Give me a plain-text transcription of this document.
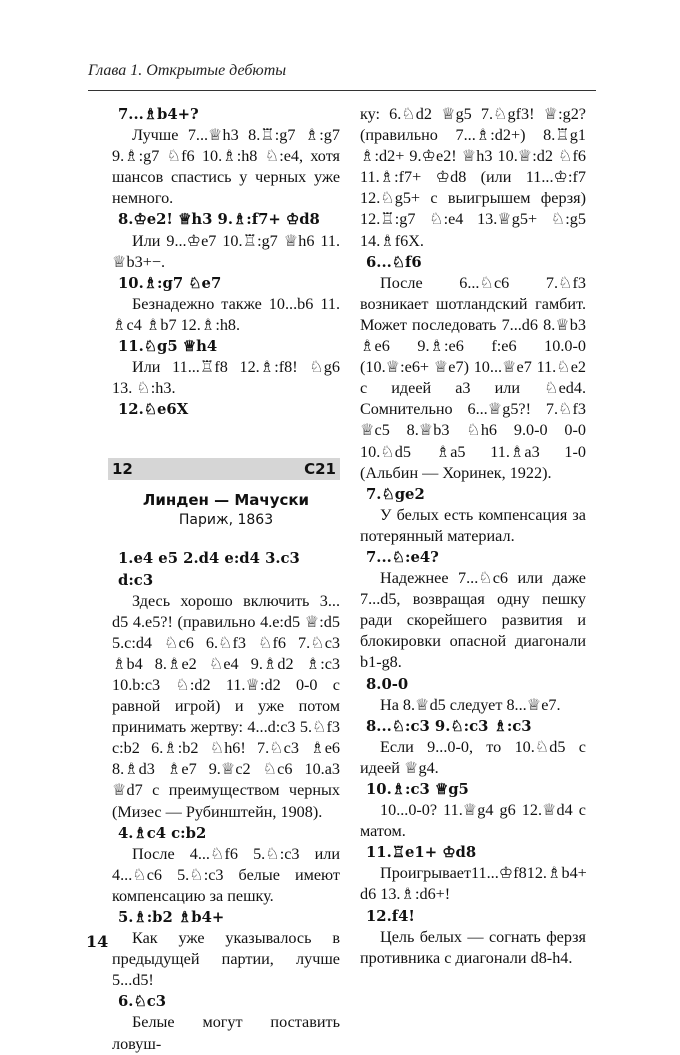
Глава 1. Открытые дебюты
7...♗b4+?
Лучше 7...♕h3 8.♖:g7 ♗:g7 9.♗:g7 ♘f6 10.♗:h8 ♘:e4, хотя шансов спастись у черных уже немного.
8.♔e2! ♕h3 9.♗:f7+ ♔d8
Или 9...♔e7 10.♖:g7 ♕h6 11. ♕b3+−.
10.♗:g7 ♘e7
Безнадежно также 10...b6 11. ♗c4 ♗b7 12.♗:h8.
11.♘g5 ♕h4
Или 11...♖f8 12.♗:f8! ♘g6 13. ♘:h3.
12.♘e6X
12	C21
Линден — Мачуски
Париж, 1863
1.e4 e5 2.d4 e:d4 3.c3 d:c3
Здесь хорошо включить 3... d5 4.e5?! (правильно 4.e:d5 ♕:d5 5.c:d4 ♘c6 6.♘f3 ♘f6 7.♘c3 ♗b4 8.♗e2 ♘e4 9.♗d2 ♗:c3 10.b:c3 ♘:d2 11.♕:d2 0-0 с равной игрой) и уже потом принимать жертву: 4...d:c3 5.♘f3 c:b2 6.♗:b2 ♘h6! 7.♘c3 ♗e6 8.♗d3 ♗e7 9.♕c2 ♘c6 10.a3 ♕d7 с преимуществом черных (Мизес — Рубинштейн, 1908).
4.♗c4 c:b2
После 4...♘f6 5.♘:c3 или 4...♘c6 5.♘:c3 белые имеют компенсацию за пешку.
5.♗:b2 ♗b4+
Как уже указывалось в предыдущей партии, лучше 5...d5!
6.♘c3
Белые могут поставить ловуш-
ку: 6.♘d2 ♕g5 7.♘gf3! ♕:g2? (правильно 7...♗:d2+) 8.♖g1 ♗:d2+ 9.♔e2! ♕h3 10.♕:d2 ♘f6 11.♗:f7+ ♔d8 (или 11...♔:f7 12.♘g5+ с выигрышем ферзя) 12.♖:g7 ♘:e4 13.♕g5+ ♘:g5 14.♗f6X.
6...♘f6
После 6...♘c6 7.♘f3 возникает шотландский гамбит. Может последовать 7...d6 8.♕b3 ♗e6 9.♗:e6 f:e6 10.0-0 (10.♕:e6+ ♕e7) 10...♕e7 11.♘e2 с идеей a3 или ♘ed4. Сомнительно 6...♕g5?! 7.♘f3 ♕c5 8.♕b3 ♘h6 9.0-0 0-0 10.♘d5 ♗a5 11.♗a3 1-0 (Альбин — Хоринек, 1922).
7.♘ge2
У белых есть компенсация за потерянный материал.
7...♘:e4?
Надежнее 7...♘c6 или даже 7...d5, возвращая одну пешку ради скорейшего развития и блокировки опасной диагонали b1-g8.
8.0-0
На 8.♕d5 следует 8...♕e7.
8...♘:c3 9.♘:c3 ♗:c3
Если 9...0-0, то 10.♘d5 с идеей ♕g4.
10.♗:c3 ♕g5
10...0-0? 11.♕g4 g6 12.♕d4 с матом.
11.♖e1+ ♔d8
Проигрывает11...♔f812.♗b4+ d6 13.♗:d6+!
12.f4!
Цель белых — согнать ферзя противника с диагонали d8-h4.
14
